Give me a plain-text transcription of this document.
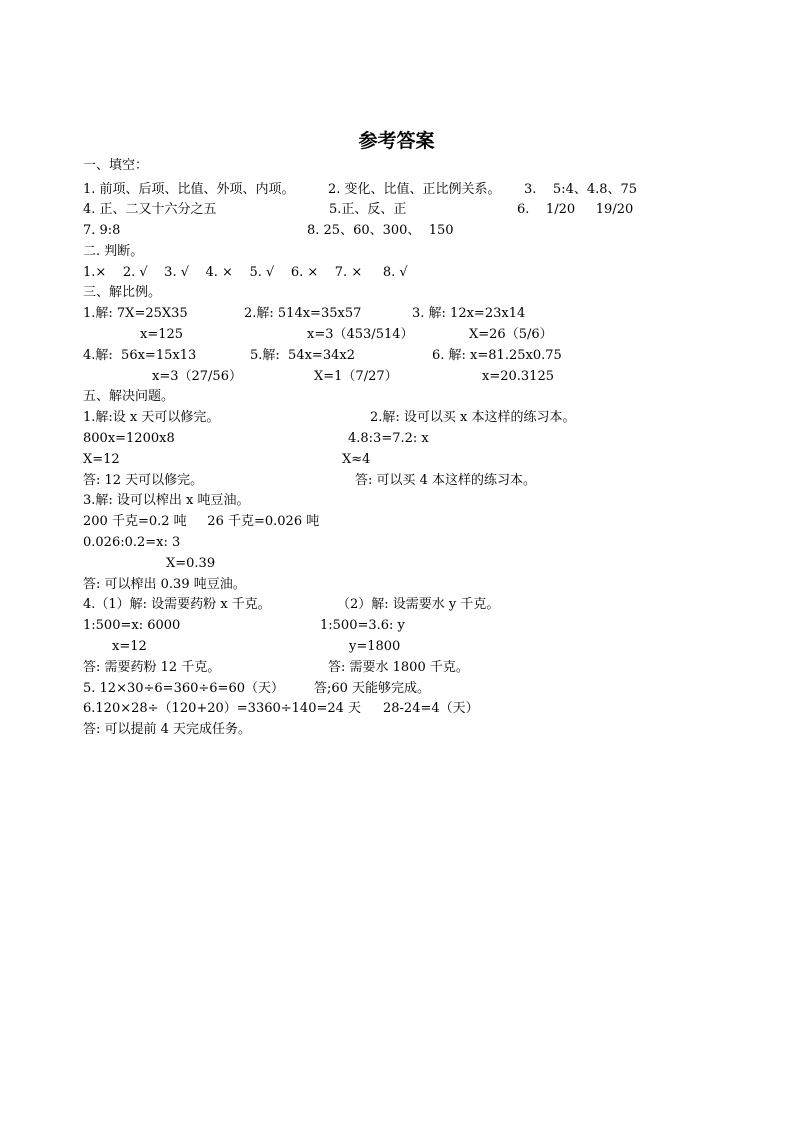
参考答案
一、填空：
1. 前项、后项、比值、外项、内项。	2. 变化、比值、正比例关系。 3.    5:4、4.8、75
4. 正、二又十六分之五	5.正、反、正	6.    1/20     19/20
7. 9:8	8. 25、60、300、  150
二. 判断。
1.×    2. √    3. √    4. ×    5. √    6. ×    7. ×     8. √
三、解比例。
1.解: 7X=25X35	2.解: 514x=35x57	3. 解: 12x=23x14
x=125	x=3（453/514）	X=26（5/6）
4.解:  56x=15x13	5.解:  54x=34x2	6. 解: x=81.25x0.75
x=3（27/56）	X=1（7/27）	x=20.3125
五、解决问题。
1.解:设 x 天可以修完。	2.解: 设可以买 x 本这样的练习本。
800x=1200x8	4.8:3=7.2: x
X=12	X≈4
答: 12 天可以修完。	答: 可以买 4 本这样的练习本。
3.解: 设可以榨出 x 吨豆油。
200 千克=0.2 吨     26 千克=0.026 吨
0.026:0.2=x: 3
X=0.39
答: 可以榨出 0.39 吨豆油。
4.（1）解: 设需要药粉 x 千克。	（2）解: 设需要水 y 千克。
1:500=x: 6000	1:500=3.6: y
x=12	y=1800
答: 需要药粉 12 千克。	答: 需要水 1800 千克。
5. 12×30÷6=360÷6=60（天） 答;60 天能够完成。
6.120×28÷（120+20）=3360÷140=24 天 28-24=4（天）
答: 可以提前 4 天完成任务。
